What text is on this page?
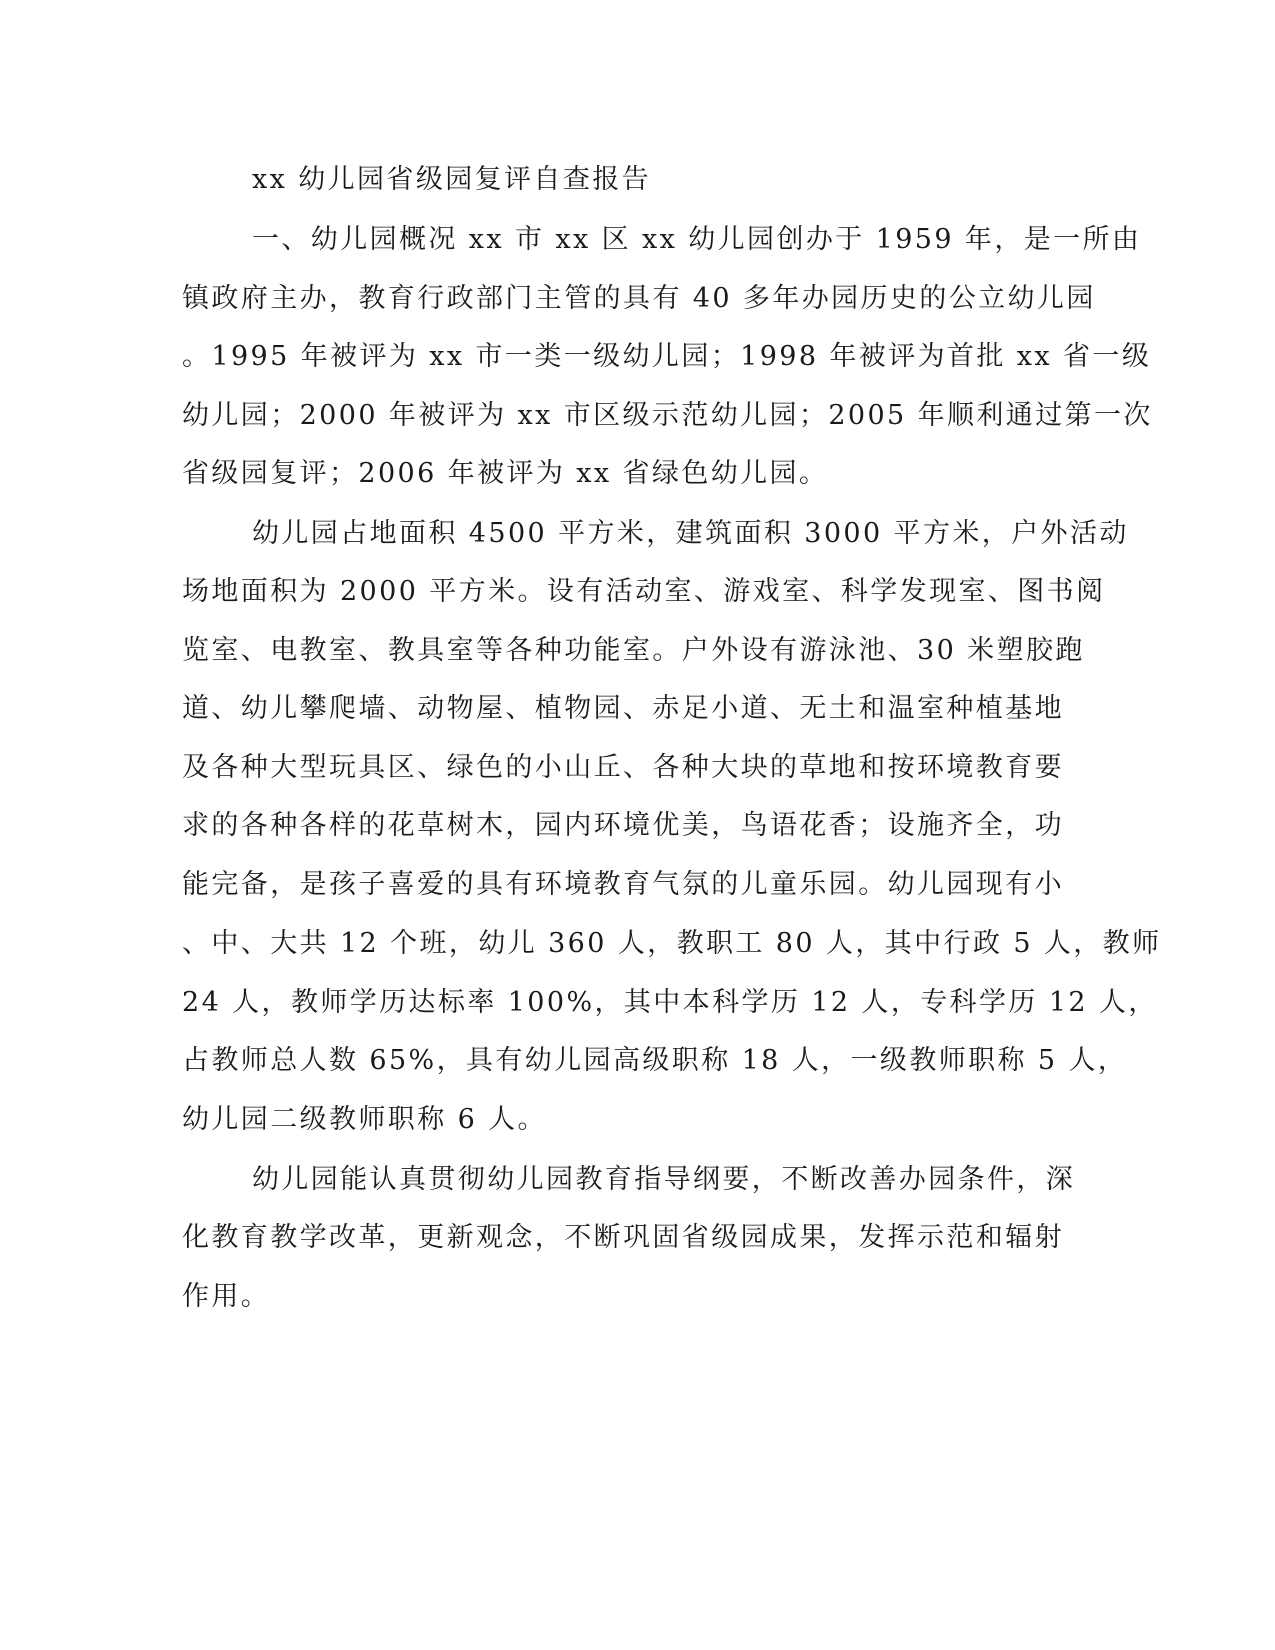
xx 幼儿园省级园复评自查报告
一、幼儿园概况 xx 市 xx 区 xx 幼儿园创办于 1959 年，是一所由
镇政府主办，教育行政部门主管的具有 40 多年办园历史的公立幼儿园
。1995 年被评为 xx 市一类一级幼儿园；1998 年被评为首批 xx 省一级
幼儿园；2000 年被评为 xx 市区级示范幼儿园；2005 年顺利通过第一次
省级园复评；2006 年被评为 xx 省绿色幼儿园。
幼儿园占地面积 4500 平方米，建筑面积 3000 平方米，户外活动
场地面积为 2000 平方米。设有活动室、游戏室、科学发现室、图书阅
览室、电教室、教具室等各种功能室。户外设有游泳池、30 米塑胶跑
道、幼儿攀爬墙、动物屋、植物园、赤足小道、无土和温室种植基地
及各种大型玩具区、绿色的小山丘、各种大块的草地和按环境教育要
求的各种各样的花草树木，园内环境优美，鸟语花香；设施齐全，功
能完备，是孩子喜爱的具有环境教育气氛的儿童乐园。幼儿园现有小
、中、大共 12 个班，幼儿 360 人，教职工 80 人，其中行政 5 人，教师
24 人，教师学历达标率 100%，其中本科学历 12 人，专科学历 12 人，
占教师总人数 65%，具有幼儿园高级职称 18 人，一级教师职称 5 人，
幼儿园二级教师职称 6 人。
幼儿园能认真贯彻幼儿园教育指导纲要，不断改善办园条件，深
化教育教学改革，更新观念，不断巩固省级园成果，发挥示范和辐射
作用。
